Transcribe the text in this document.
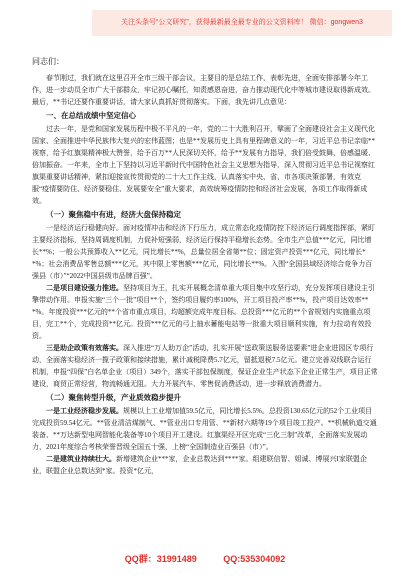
关注头条号“公文研究”，获得最新最全最专业的公文资料库！ 微信：gongwen3
同志们：

春节刚过，我们就在这里召开全市三级干部会议，主要目的是总结工作，表彰先进，全面安排部署今年工作，进一步动员全市广大干部群众，牢记初心嘱托，知责感恩奋进，奋力推动现代化中等城市建设取得新成效。最后，**书记还要作重要讲话，请大家认真抓好贯彻落实。下面，我先讲几点意见：

一、在总结成绩中坚定信心

过去一年，是党和国家发展历程中极不平凡的一年，党的二十大胜利召开，擘画了全面建设社会主义现代化国家、全面推进中华民族伟大复兴的宏伟蓝图；也是**发展历史上具有里程碑意义的一年，习近平总书记亲临**视察，给予红旗渠精神极大赞誉，给予百万**人民深切关怀，给予**发展有力指导，我们倍受鼓舞、倍感温暖、倍加振奋。一年来，全市上下坚持以习近平新时代中国特色社会主义思想为指导，深入贯彻习近平总书记视察红旗渠重要讲话精神，紧扣迎接宣传贯彻党的二十大工作主线，认真落实中央、省、市各项决策部署，有效克服“疫情要防住、经济要稳住、发展要安全”重大要求，高效统筹疫情防控和经济社会发展，各项工作取得新成效。

（一）聚焦稳中有进，经济大盘保持稳定

一是经济运行稳健向好。面对疫情冲击和经济下行压力，成立常态化疫情防控下经济运行调度指挥部，紧盯主要经济指标，坚持周调度机制，力促补短强弱，经济运行保持平稳增长态势。全市生产总值***亿元，同比增长**%；一般公共预算收入**亿元，同比增长**%，总量位居全省第**位；固定资产投资***亿元，同比增长**%；社会消费品零售总额***亿元，其中限上零售额***亿元，同比增长**%。入围“全国县域经济综合竞争力百强县（市）”“2022中国县级市品牌百强”。

二是项目建设强力推进。坚持项目为王，扎实开展概念清单重大项目集中攻坚行动，充分发挥项目建设主引擎带动作用。申报实施“三个一批”项目**个，签约项目履约率100%，开工项目投产率**%，投产项目达效率***%。年度投资***亿元的**个省市重点项目，均超额完成年度目标。总投资***亿元的**个省规划内实施重点项目，完工**个，完成投资**亿元。投资***亿元的弓上抽水蓄能电站等一批重大项目顺利实施，有力拉动有效投资。

三是助企政策有效落实。深入推进“万人助万企”活动，扎实开展“送政策送服务送要素”进企业进园区专项行动，全面落实稳经济一揽子政策和接续措施，累计减税降费5.7亿元，留抵退税7.5亿元。建立完善双线联合运行机制，申报“四保”白名单企业（项目）349个，落实干部包保制度，保证企业生产状态下企业正常生产，项目正常建设，商贸正常经营，物流畅通无阻。大力开展汽车、零售促消费活动，进一步释放消费潜力。

（二）聚焦转型升级，产业质效稳步提升

一是工业经济稳步发展。规模以上工业增加值59.5亿元，同比增长5.5%。总投资130.65亿元的52个工业项目完成投资59.54亿元。**管业清洁煤制气、**管业出口专用管、**新材六期等19个项目竣工投产。**机械轨道交通装备、**万达新型电网智能化装备等10个项目开工建设。红旗渠经开区完成“三化三制”改革，全面落实发展动力，2021年度综合考核荣誉晋级全国五十强，上榜“全国制造业百强县（市）”。

二是建筑业持续壮大。新增建筑企业***家，企业总数达到****家。组建联信智、姐诚、博展兴I家联盟企业，联盟企业总数达到*家。投资*亿元，

QQ群：31991489	QQ:535304092
